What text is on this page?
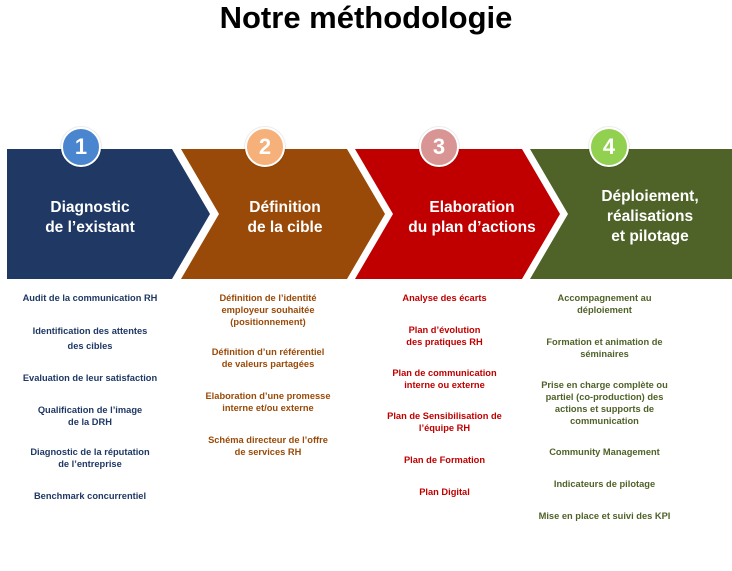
Notre méthodologie
1	2	3	4
Diagnostic
de l’existant
Définition
de la cible
Elaboration
du plan d’actions
Déploiement,
réalisations
et pilotage
Audit de la communication RH
Identification des attentes
des cibles
Evaluation de leur satisfaction
Qualification de l’image
de la DRH
Diagnostic de la réputation
de l’entreprise
Benchmark concurrentiel
Définition de l’identité
employeur souhaitée
(positionnement)
Définition d’un référentiel
de valeurs partagées
Elaboration d’une promesse
interne et/ou externe
Schéma directeur de l’offre
de services RH
Analyse des écarts
Plan d’évolution
des pratiques RH
Plan de communication
interne ou externe
Plan de Sensibilisation de
l’équipe RH
Plan de Formation
Plan Digital
Accompagnement au
déploiement
Formation et animation de
séminaires
Prise en charge complète ou
partiel (co-production) des
actions et supports de
communication
Community Management
Indicateurs de pilotage
Mise en place et suivi des KPI
